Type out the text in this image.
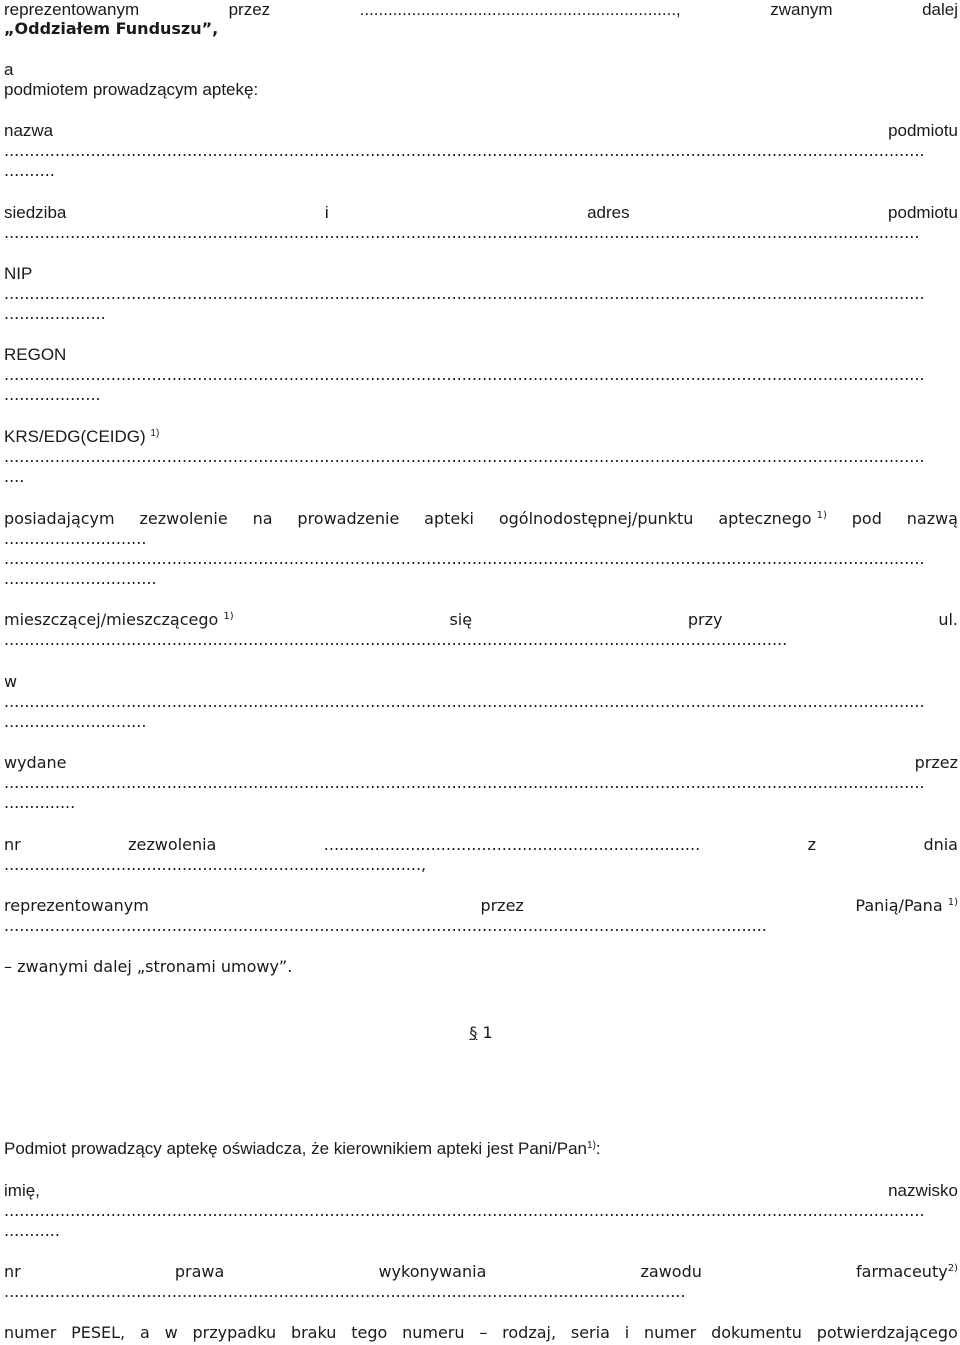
reprezentowanym	przez	...................................................................,	zwanym	dalej
„Oddziałem Funduszu”,
a
podmiotem prowadzącym aptekę:
nazwa	podmiotu
.....................................................................................................................................................................................
..........
siedziba	i	adres	podmiotu
....................................................................................................................................................................................
NIP
.....................................................................................................................................................................................
....................
REGON
.....................................................................................................................................................................................
...................
KRS/EDG(CEIDG) $^{1)}$
.....................................................................................................................................................................................
....
posiadającym zezwolenie na prowadzenie apteki ogólnodostępnej/punktu aptecznego $^{1)}$ pod nazwą
............................
.....................................................................................................................................................................................
..............................
mieszczącej/mieszczącego $^{1)}$	się	przy	ul.
..........................................................................................................................................................
w
.....................................................................................................................................................................................
............................
wydane	przez
.....................................................................................................................................................................................
..............
nr	zezwolenia	..........................................................................	z	dnia
..................................................................................,
reprezentowanym	przez	Panią/Pana $^{1)}$
......................................................................................................................................................
– zwanymi dalej „stronami umowy”.
§ 1
Podmiot prowadzący aptekę oświadcza, że kierownikiem apteki jest Pani/Pan$^{1)}$:
imię,	nazwisko
.....................................................................................................................................................................................
...........
nr	prawa	wykonywania	zawodu	farmaceuty$^{2)}$
......................................................................................................................................
numer PESEL, a w przypadku braku tego numeru – rodzaj, seria i numer dokumentu potwierdzającego
